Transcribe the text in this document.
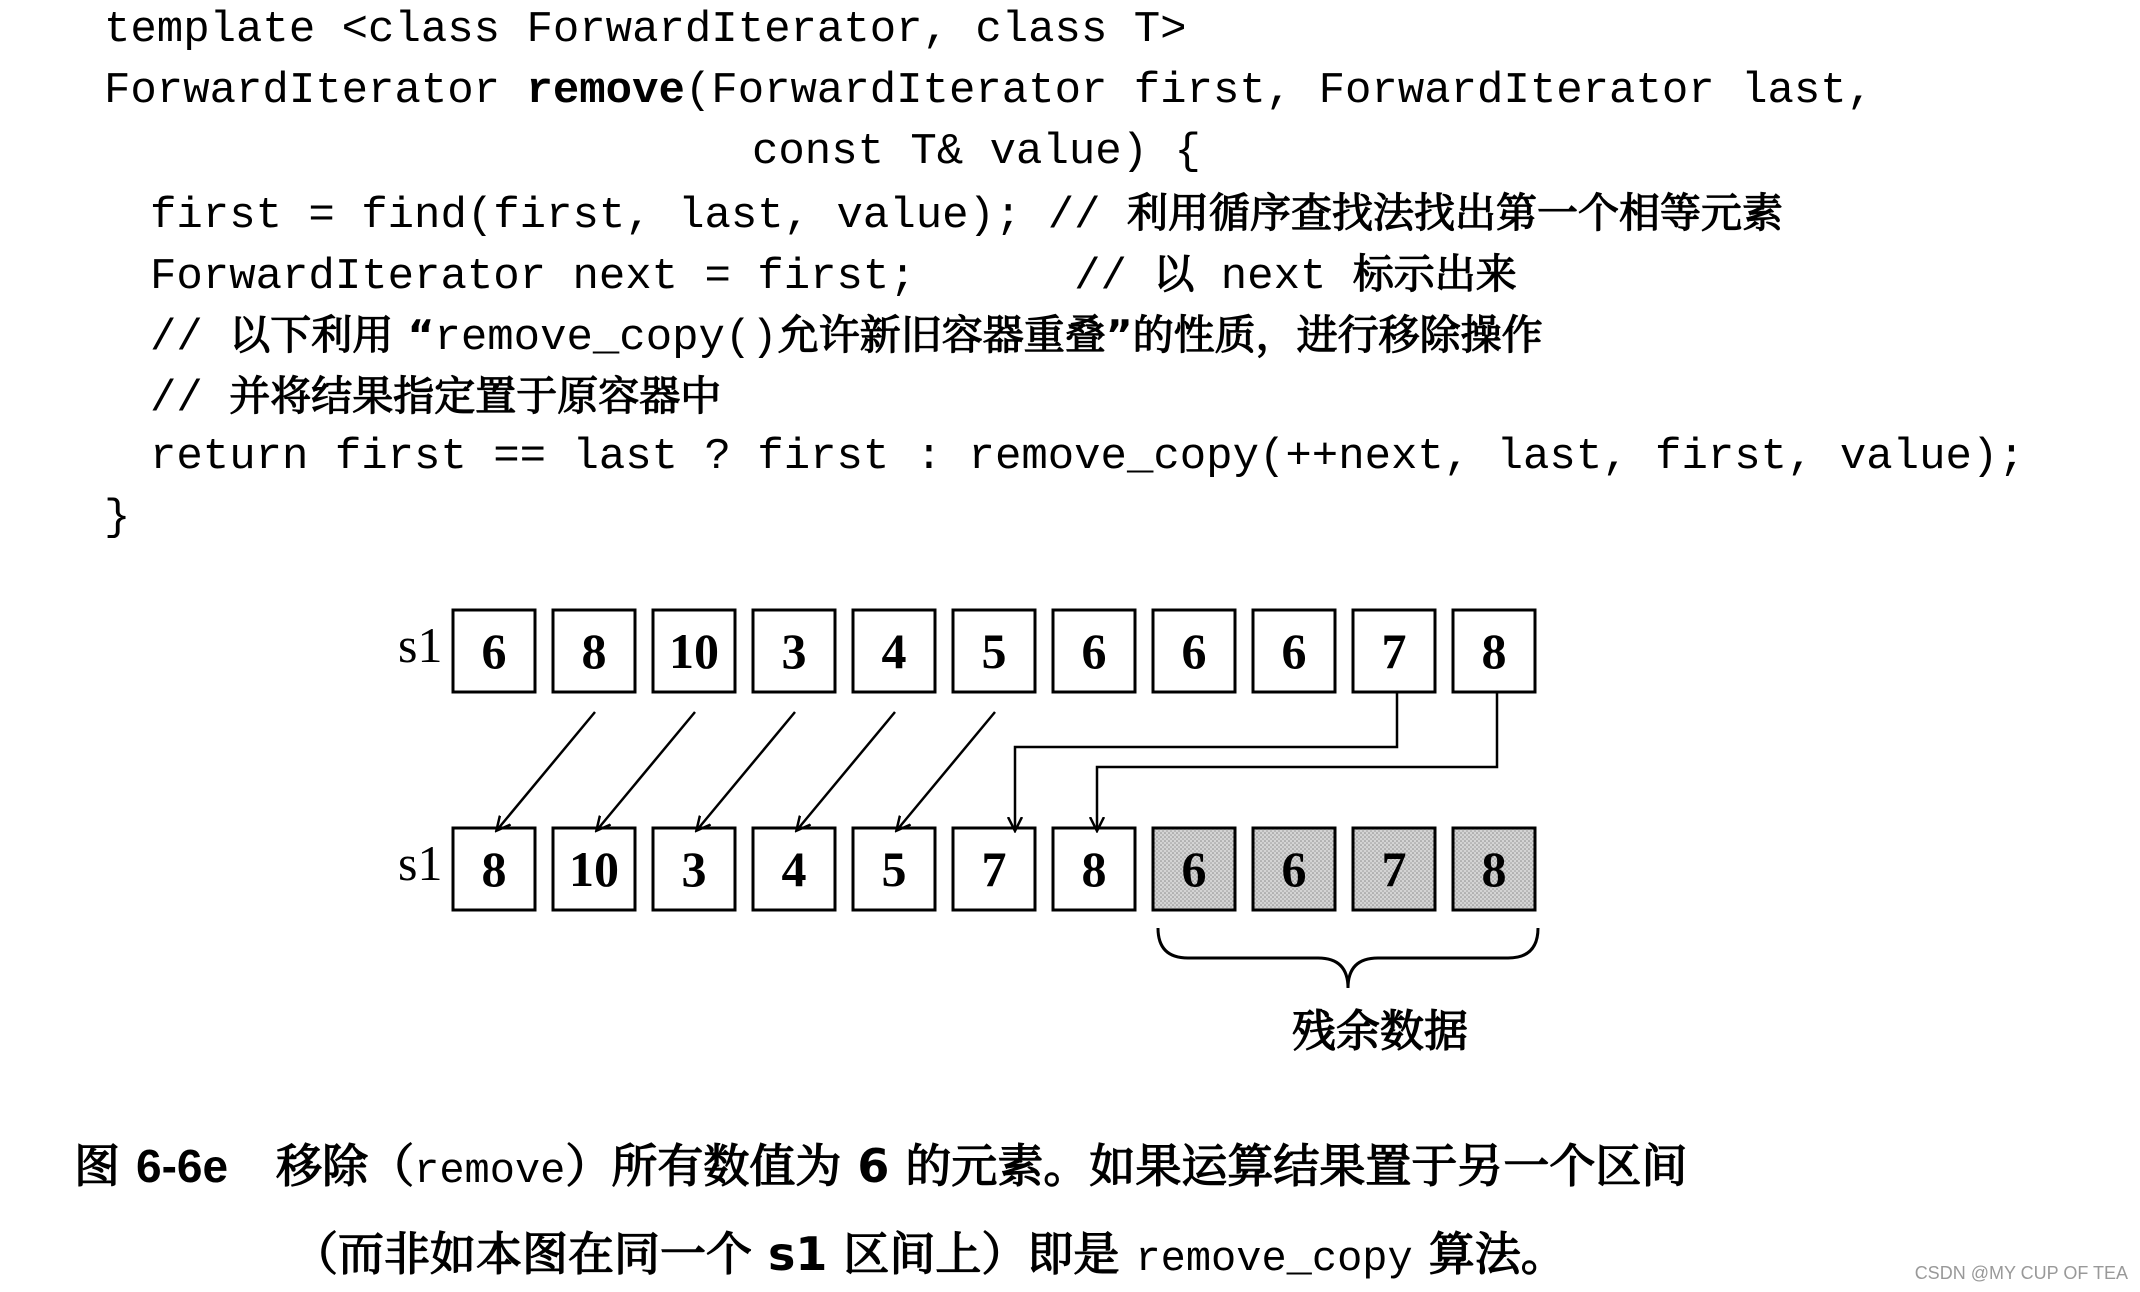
template <class ForwardIterator, class T>

ForwardIterator remove(ForwardIterator first, ForwardIterator last,

const T& value) {

first = find(first, last, value); // 利用循序查找法找出第一个相等元素

ForwardIterator next = first;      // 以 next 标示出来

// 以下利用 “remove_copy()允许新旧容器重叠”的性质，进行移除操作

// 并将结果指定置于原容器中

return first == last ? first : remove_copy(++next, last, first, value);

}

s1
s1
6 8 10 3 4 5 6 6 6 7 8
8 10 3 4 5 7 8 6 6 7 8
残余数据
图 6-6e   移除（remove）所有数值为 6 的元素。如果运算结果置于另一个区间
（而非如本图在同一个 s1 区间上）即是 remove_copy 算法。	CSDN @MY CUP OF TEA
